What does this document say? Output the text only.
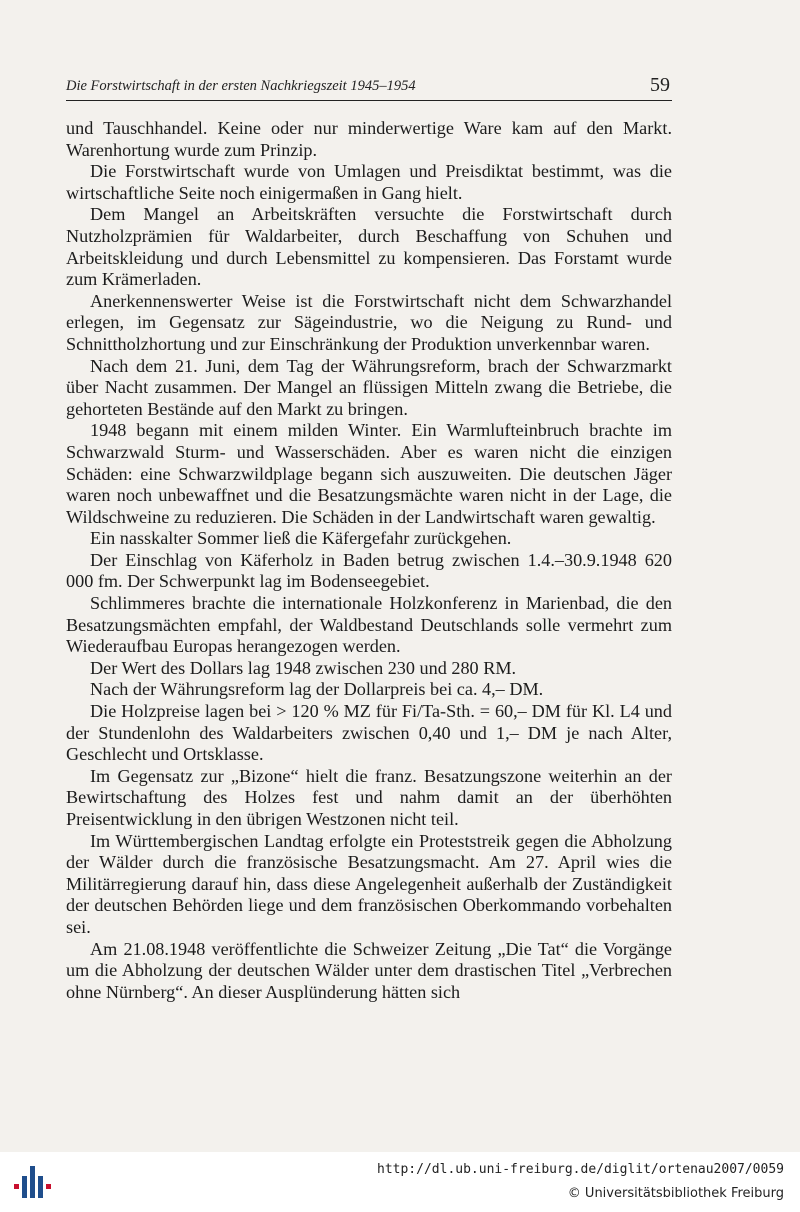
Die Forstwirtschaft in der ersten Nachkriegszeit 1945–1954	59

und Tauschhandel. Keine oder nur minderwertige Ware kam auf den Markt. Warenhortung wurde zum Prinzip.

Die Forstwirtschaft wurde von Umlagen und Preisdiktat bestimmt, was die wirtschaftliche Seite noch einigermaßen in Gang hielt.

Dem Mangel an Arbeitskräften versuchte die Forstwirtschaft durch Nutzholzprämien für Waldarbeiter, durch Beschaffung von Schuhen und Arbeitskleidung und durch Lebensmittel zu kompensieren. Das Forstamt wurde zum Krämerladen.

Anerkennenswerter Weise ist die Forstwirtschaft nicht dem Schwarzhandel erlegen, im Gegensatz zur Sägeindustrie, wo die Neigung zu Rund- und Schnittholzhortung und zur Einschränkung der Produktion unverkennbar waren.

Nach dem 21. Juni, dem Tag der Währungsreform, brach der Schwarzmarkt über Nacht zusammen. Der Mangel an flüssigen Mitteln zwang die Betriebe, die gehorteten Bestände auf den Markt zu bringen.

1948 begann mit einem milden Winter. Ein Warmlufteinbruch brachte im Schwarzwald Sturm- und Wasserschäden. Aber es waren nicht die einzigen Schäden: eine Schwarzwildplage begann sich auszuweiten. Die deutschen Jäger waren noch unbewaffnet und die Besatzungsmächte waren nicht in der Lage, die Wildschweine zu reduzieren. Die Schäden in der Landwirtschaft waren gewaltig.

Ein nasskalter Sommer ließ die Käfergefahr zurückgehen.

Der Einschlag von Käferholz in Baden betrug zwischen 1.4.–30.9.1948 620 000 fm. Der Schwerpunkt lag im Bodenseegebiet.

Schlimmeres brachte die internationale Holzkonferenz in Marienbad, die den Besatzungsmächten empfahl, der Waldbestand Deutschlands solle vermehrt zum Wiederaufbau Europas herangezogen werden.

Der Wert des Dollars lag 1948 zwischen 230 und 280 RM.

Nach der Währungsreform lag der Dollarpreis bei ca. 4,– DM.

Die Holzpreise lagen bei > 120 % MZ für Fi/Ta-Sth. = 60,– DM für Kl. L4 und der Stundenlohn des Waldarbeiters zwischen 0,40 und 1,– DM je nach Alter, Geschlecht und Ortsklasse.

Im Gegensatz zur „Bizone“ hielt die franz. Besatzungszone weiterhin an der Bewirtschaftung des Holzes fest und nahm damit an der überhöhten Preisentwicklung in den übrigen Westzonen nicht teil.

Im Württembergischen Landtag erfolgte ein Proteststreik gegen die Abholzung der Wälder durch die französische Besatzungsmacht. Am 27. April wies die Militärregierung darauf hin, dass diese Angelegenheit außerhalb der Zuständigkeit der deutschen Behörden liege und dem französischen Oberkommando vorbehalten sei.

Am 21.08.1948 veröffentlichte die Schweizer Zeitung „Die Tat“ die Vorgänge um die Abholzung der deutschen Wälder unter dem drastischen Titel „Verbrechen ohne Nürnberg“. An dieser Ausplünderung hätten sich

http://dl.ub.uni-freiburg.de/diglit/ortenau2007/0059
© Universitätsbibliothek Freiburg
